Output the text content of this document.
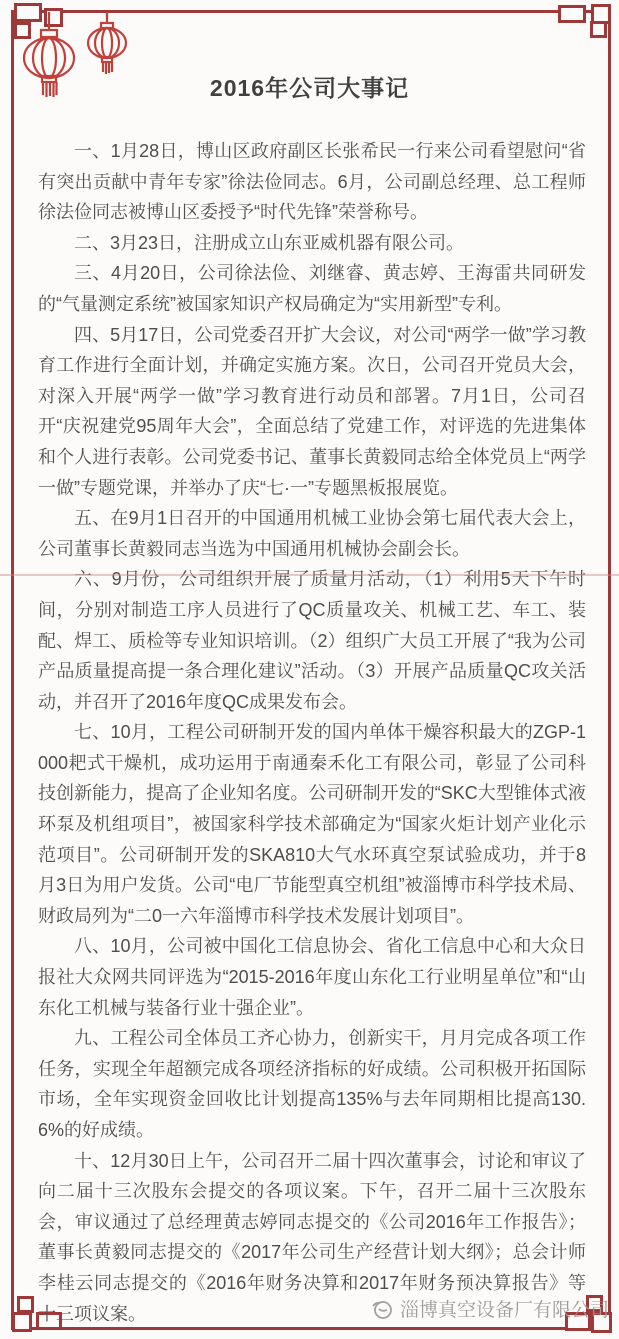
2016年公司大事记

一、1月28日，博山区政府副区长张希民一行来公司看望慰问“省有突出贡献中青年专家”徐法俭同志。6月，公司副总经理、总工程师徐法俭同志被博山区委授予“时代先锋”荣誉称号。

二、3月23日，注册成立山东亚威机器有限公司。

三、4月20日，公司徐法俭、刘继睿、黄志婷、王海雷共同研发的“气量测定系统”被国家知识产权局确定为“实用新型”专利。

四、5月17日，公司党委召开扩大会议，对公司“两学一做”学习教育工作进行全面计划，并确定实施方案。次日，公司召开党员大会，对深入开展“两学一做”学习教育进行动员和部署。7月1日，公司召开“庆祝建党95周年大会”，全面总结了党建工作，对评选的先进集体和个人进行表彰。公司党委书记、董事长黄毅同志给全体党员上“两学一做”专题党课，并举办了庆“七·一”专题黑板报展览。

五、在9月1日召开的中国通用机械工业协会第七届代表大会上，公司董事长黄毅同志当选为中国通用机械协会副会长。

六、9月份，公司组织开展了质量月活动，（1）利用5天下午时间，分别对制造工序人员进行了QC质量攻关、机械工艺、车工、装配、焊工、质检等专业知识培训。（2）组织广大员工开展了“我为公司产品质量提高提一条合理化建议”活动。（3）开展产品质量QC攻关活动，并召开了2016年度QC成果发布会。

七、10月，工程公司研制开发的国内单体干燥容积最大的ZGP-1000耙式干燥机，成功运用于南通秦禾化工有限公司，彰显了公司科技创新能力，提高了企业知名度。公司研制开发的“SKC大型锥体式液环泵及机组项目”，被国家科学技术部确定为“国家火炬计划产业化示范项目”。公司研制开发的SKA810大气水环真空泵试验成功，并于8月3日为用户发货。公司“电厂节能型真空机组”被淄博市科学技术局、财政局列为“二0一六年淄博市科学技术发展计划项目”。

八、10月，公司被中国化工信息协会、省化工信息中心和大众日报社大众网共同评选为“2015-2016年度山东化工行业明星单位”和“山东化工机械与装备行业十强企业”。

九、工程公司全体员工齐心协力，创新实干，月月完成各项工作任务，实现全年超额完成各项经济指标的好成绩。公司积极开拓国际市场，全年实现资金回收比计划提高135%与去年同期相比提高130.6%的好成绩。

十、12月30日上午，公司召开二届十四次董事会，讨论和审议了向二届十三次股东会提交的各项议案。下午，召开二届十三次股东会，审议通过了总经理黄志婷同志提交的《公司2016年工作报告》；董事长黄毅同志提交的《2017年公司生产经营计划大纲》；总会计师李桂云同志提交的《2016年财务决算和2017年财务预决算报告》等十三项议案。	淄博真空设备厂有限公司
